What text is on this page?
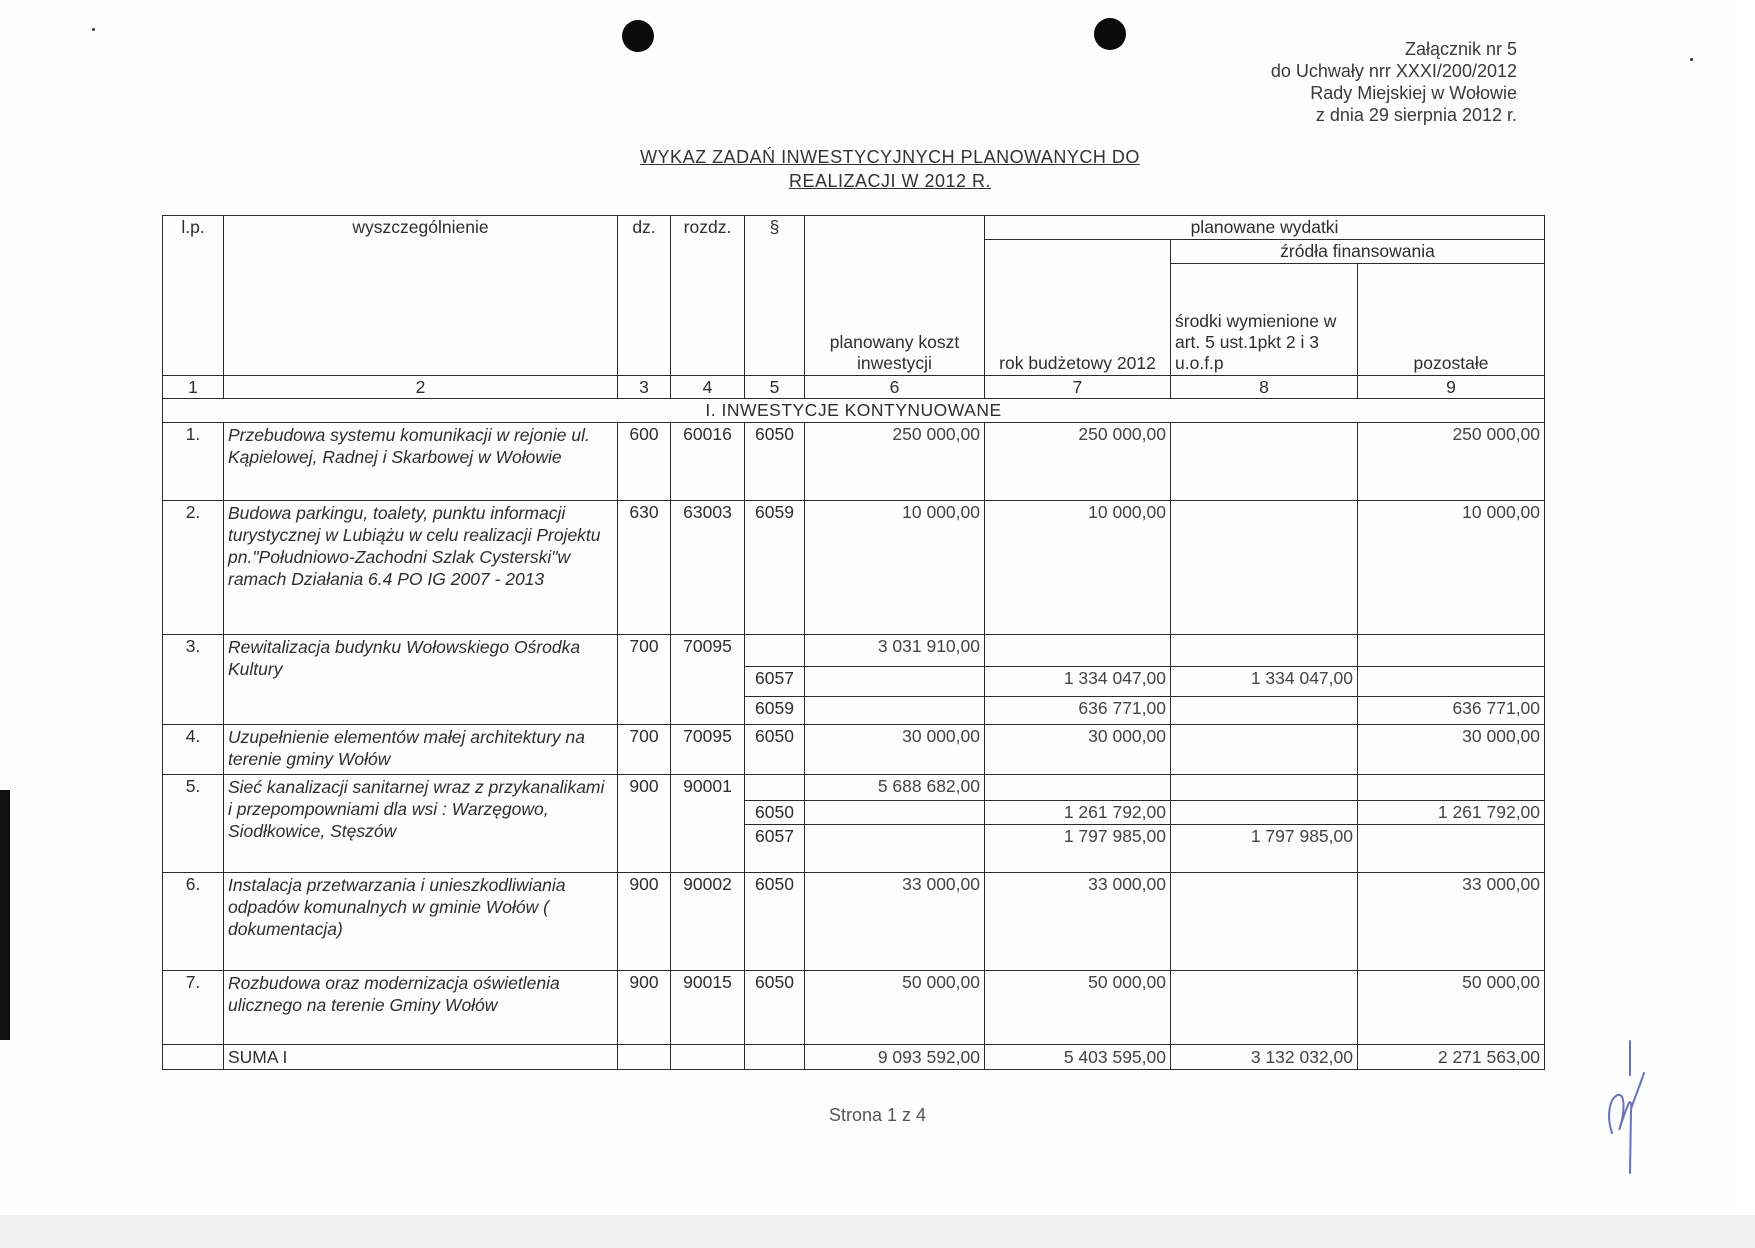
Załącznik nr 5
do Uchwały nrr XXXI/200/2012
Rady Miejskiej w Wołowie
z dnia 29 sierpnia 2012 r.
WYKAZ ZADAŃ INWESTYCYJNYCH PLANOWANYCH DO
REALIZACJI W 2012 R.
l.p.	wyszczególnienie	dz.	rozdz.	§	planowany koszt inwestycji	planowane wydatki		
						rok budżetowy 2012	źródła finansowania	
							środki wymienione w art. 5 ust.1pkt 2 i 3 u.o.f.p	pozostałe
1	2	3	4	5	6	7	8	9
I. INWESTYCJE KONTYNUOWANE								
1.	Przebudowa systemu komunikacji w rejonie ul. Kąpielowej, Radnej i Skarbowej w Wołowie	600	60016	6050	250 000,00	250 000,00		250 000,00
2.	Budowa parkingu, toalety, punktu informacji turystycznej w Lubiążu w celu realizacji Projektu pn."Południowo-Zachodni Szlak Cysterski"w ramach Działania 6.4 PO IG 2007 - 2013	630	63003	6059	10 000,00	10 000,00		10 000,00
3.	Rewitalizacja budynku Wołowskiego Ośrodka Kultury	700	70095		3 031 910,00			
				6057		1 334 047,00	1 334 047,00	
				6059		636 771,00		636 771,00
4.	Uzupełnienie elementów małej architektury na terenie gminy Wołów	700	70095	6050	30 000,00	30 000,00		30 000,00
5.	Sieć kanalizacji sanitarnej wraz z przykanalikami i przepompowniami dla wsi : Warzęgowo, Siodłkowice, Stęszów	900	90001		5 688 682,00			
				6050		1 261 792,00		1 261 792,00
				6057		1 797 985,00	1 797 985,00	
6.	Instalacja przetwarzania i unieszkodliwiania odpadów komunalnych w gminie Wołów ( dokumentacja)	900	90002	6050	33 000,00	33 000,00		33 000,00
7.	Rozbudowa oraz modernizacja oświetlenia ulicznego na terenie Gminy Wołów	900	90015	6050	50 000,00	50 000,00		50 000,00
	SUMA I				9 093 592,00	5 403 595,00	3 132 032,00	2 271 563,00
Strona 1 z 4
